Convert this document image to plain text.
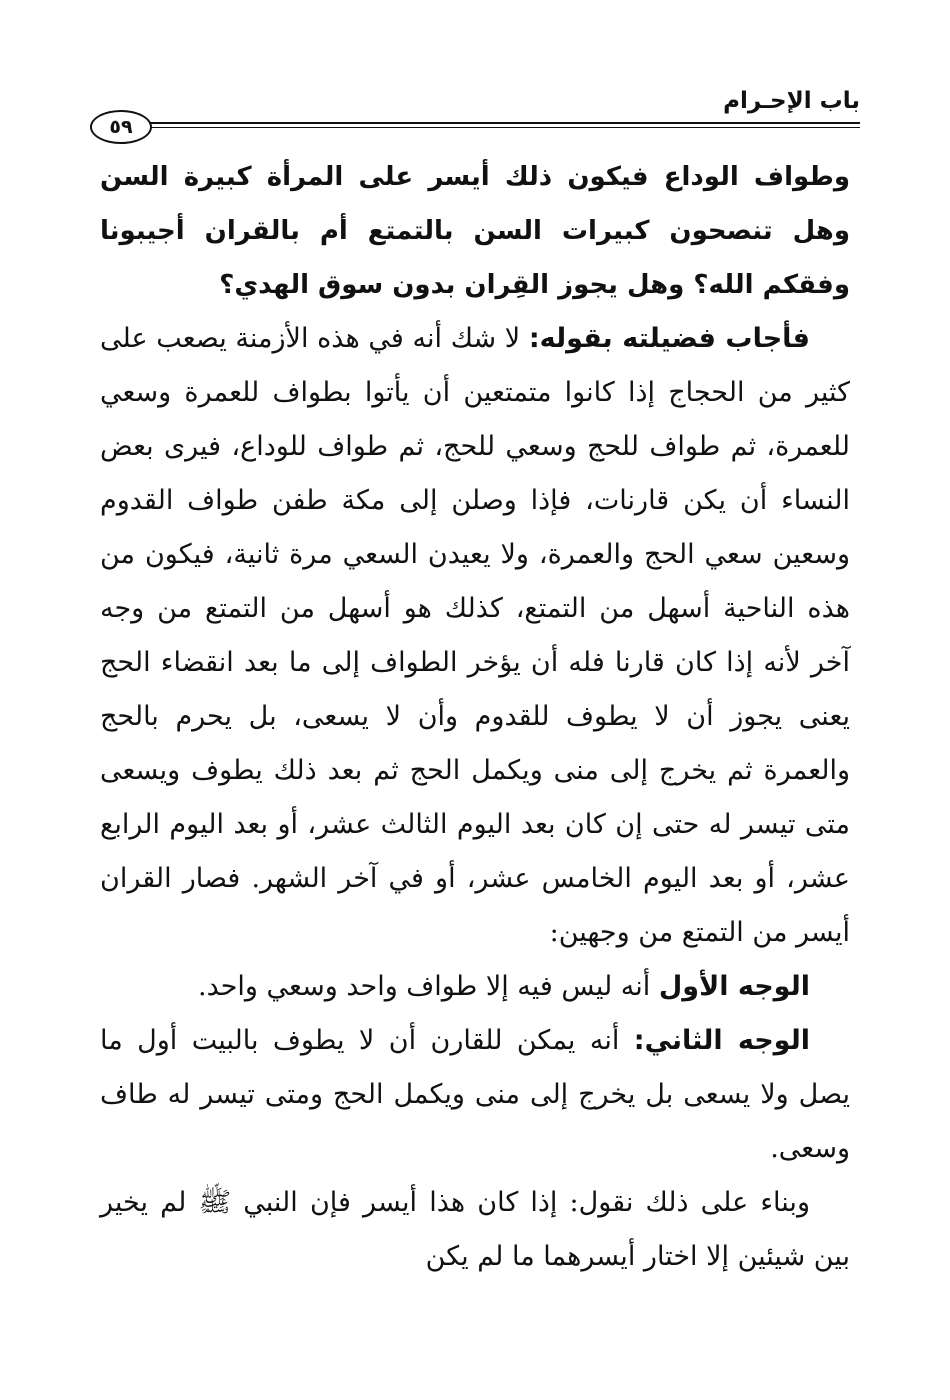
باب الإحـرام
٥٩

وطواف الوداع فيكون ذلك أيسر على المرأة كبيرة السن وهل تنصحون كبيرات السن بالتمتع أم بالقران أجيبونا وفقكم الله؟ وهل يجوز القِران بدون سوق الهدي؟

فأجاب فضيلته بقوله: لا شك أنه في هذه الأزمنة يصعب على كثير من الحجاج إذا كانوا متمتعين أن يأتوا بطواف للعمرة وسعي للعمرة، ثم طواف للحج وسعي للحج، ثم طواف للوداع، فيرى بعض النساء أن يكن قارنات، فإذا وصلن إلى مكة طفن طواف القدوم وسعين سعي الحج والعمرة، ولا يعيدن السعي مرة ثانية، فيكون من هذه الناحية أسهل من التمتع، كذلك هو أسهل من التمتع من وجه آخر لأنه إذا كان قارنا فله أن يؤخر الطواف إلى ما بعد انقضاء الحج يعنى يجوز أن لا يطوف للقدوم وأن لا يسعى، بل يحرم بالحج والعمرة ثم يخرج إلى منى ويكمل الحج ثم بعد ذلك يطوف ويسعى متى تيسر له حتى إن كان بعد اليوم الثالث عشر، أو بعد اليوم الرابع عشر، أو بعد اليوم الخامس عشر، أو في آخر الشهر. فصار القران أيسر من التمتع من وجهين:

الوجه الأول أنه ليس فيه إلا طواف واحد وسعي واحد.

الوجه الثاني: أنه يمكن للقارن أن لا يطوف بالبيت أول ما يصل ولا يسعى بل يخرج إلى منى ويكمل الحج ومتى تيسر له طاف وسعى.

وبناء على ذلك نقول: إذا كان هذا أيسر فإن النبي ﷺ لم يخير بين شيئين إلا اختار أيسرهما ما لم يكن
